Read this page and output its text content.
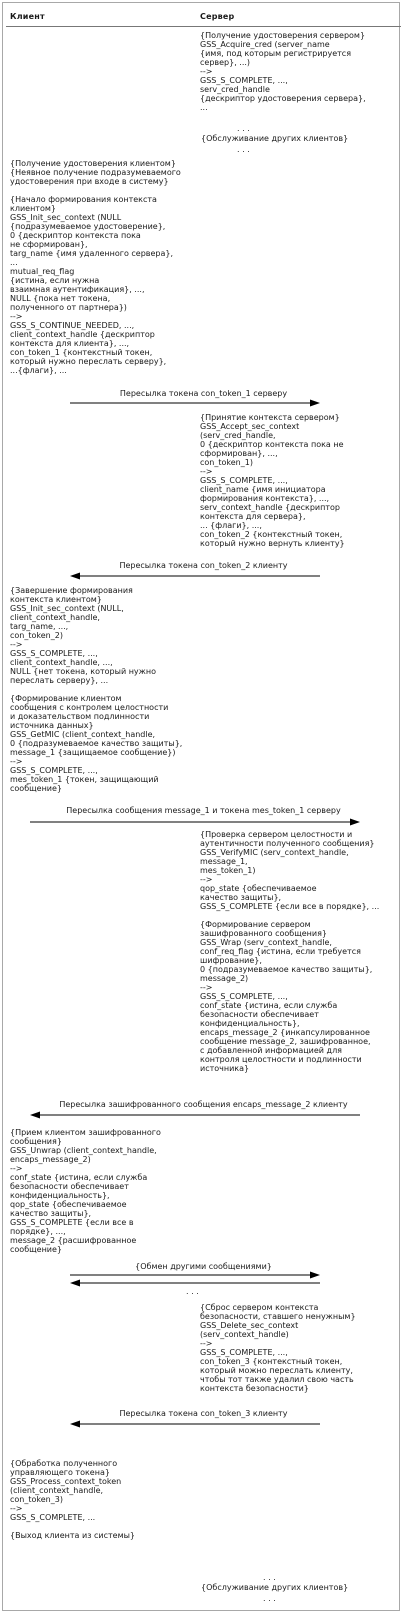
Клиент	Сервер
{Получение удостоверения сервером}
GSS_Acquire_cred (server_name
{имя, под которым регистрируется
сервер}, ...)
-->
GSS_S_COMPLETE, ...,
serv_cred_handle
{дескриптор удостоверения сервера},
...
. . .
{Обслуживание других клиентов}
. . .
{Получение удостоверения клиентом}
{Неявное получение подразумеваемого
удостоверения при входе в систему}

{Начало формирования контекста
клиентом}
GSS_Init_sec_context (NULL
{подразумеваемое удостоверение},
0 {дескриптор контекста пока
не сформирован},
targ_name {имя удаленного сервера},
...
mutual_req_flag
{истина, если нужна
взаимная аутентификация}, ...,
NULL {пока нет токена,
полученного от партнера})
-->
GSS_S_CONTINUE_NEEDED, ...,
client_context_handle {дескриптор
контекста для клиента}, ...,
con_token_1 {контекстный токен,
который нужно переслать серверу},
...{флаги}, ...
Пересылка токена con_token_1 серверу
{Принятие контекста сервером}
GSS_Accept_sec_context
(serv_cred_handle,
0 {дескриптор контекста пока не
сформирован}, ...,
con_token_1)
-->
GSS_S_COMPLETE, ...,
client_name {имя инициатора
формирования контекста}, ...,
serv_context_handle {дескриптор
контекста для сервера},
... {флаги}, ...,
con_token_2 {контекстный токен,
который нужно вернуть клиенту}
Пересылка токена con_token_2 клиенту
{Завершение формирования
контекста клиентом}
GSS_Init_sec_context (NULL,
client_context_handle,
targ_name, ...,
con_token_2)
-->
GSS_S_COMPLETE, ...,
client_context_handle, ...,
NULL {нет токена, который нужно
переслать серверу}, ...

{Формирование клиентом
сообщения с контролем целостности
и доказательством подлинности
источника данных}
GSS_GetMIC (client_context_handle,
0 {подразумеваемое качество защиты},
message_1 {защищаемое сообщение})
-->
GSS_S_COMPLETE, ...,
mes_token_1 {токен, защищающий
сообщение}
Пересылка сообщения message_1 и токена mes_token_1 серверу
{Проверка сервером целостности и
аутентичности полученного сообщения}
GSS_VerifyMIC (serv_context_handle,
message_1,
mes_token_1)
-->
qop_state {обеспечиваемое
качество защиты},
GSS_S_COMPLETE {если все в порядке}, ...

{Формирование сервером
зашифрованного сообщения}
GSS_Wrap (serv_context_handle,
conf_req_flag {истина, если требуется
шифрование},
0 {подразумеваемое качество защиты},
message_2)
-->
GSS_S_COMPLETE, ...,
conf_state {истина, если служба
безопасности обеспечивает
конфиденциальность},
encaps_message_2 {инкапсулированное
сообщение message_2, зашифрованное,
с добавленной информацией для
контроля целостности и подлинности
источника}
Пересылка зашифрованного сообщения encaps_message_2 клиенту
{Прием клиентом зашифрованного
сообщения}
GSS_Unwrap (client_context_handle,
encaps_message_2)
-->
conf_state {истина, если служба
безопасности обеспечивает
конфиденциальность},
qop_state {обеспечиваемое
качество защиты},
GSS_S_COMPLETE {если все в
порядке}, ...,
message_2 {расшифрованное
сообщение}
{Обмен другими сообщениями}
. . .
{Сброс сервером контекста
безопасности, ставшего ненужным}
GSS_Delete_sec_context
(serv_context_handle)
-->
GSS_S_COMPLETE, ...,
con_token_3 {контекстный токен,
который можно переслать клиенту,
чтобы тот также удалил свою часть
контекста безопасности}
Пересылка токена con_token_3 клиенту
{Обработка полученного
управляющего токена}
GSS_Process_context_token
(client_context_handle,
con_token_3)
-->
GSS_S_COMPLETE, ...

{Выход клиента из системы}
. . .
{Обслуживание других клиентов}
. . .
